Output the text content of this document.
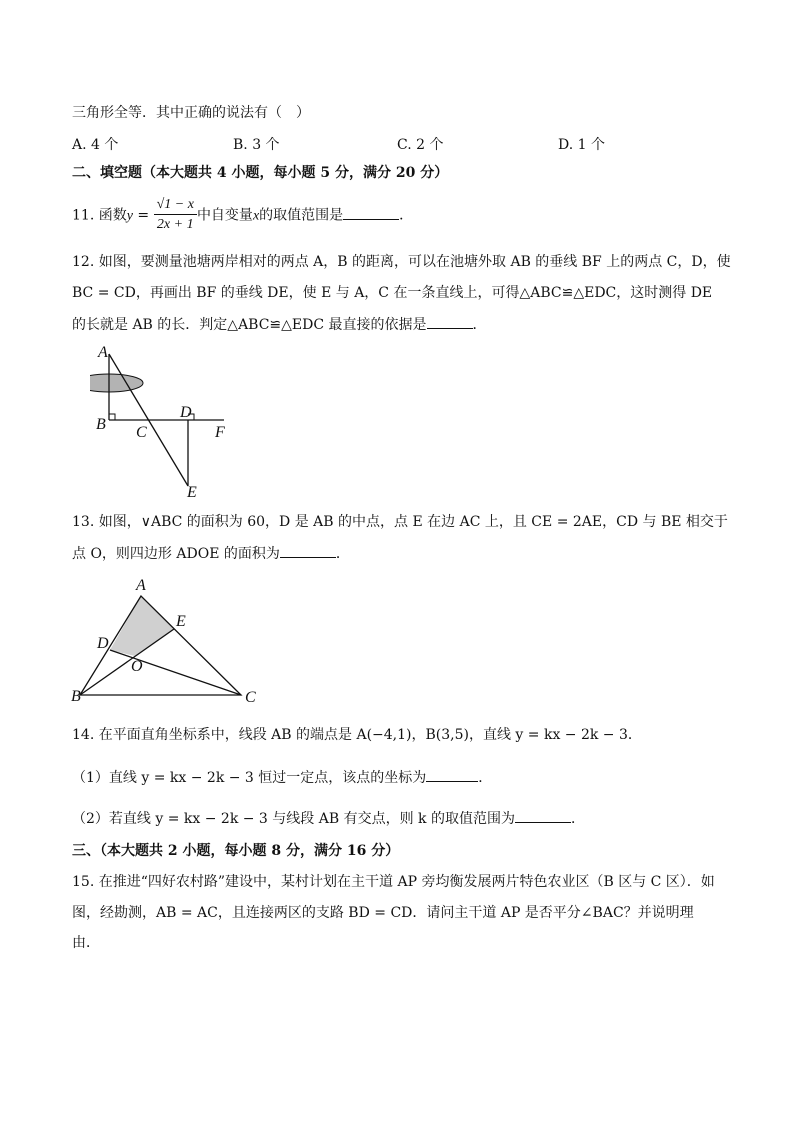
三角形全等．其中正确的说法有（　）
A. 4 个	B. 3 个	C. 2 个	D. 1 个
二、填空题（本大题共 4 小题，每小题 5 分，满分 20 分）
11. 函数$y = \frac{√1 - x}{2x + 1}$ 中自变量x的取值范围是	．
12. 如图，要测量池塘两岸相对的两点 A，B 的距离，可以在池塘外取 AB 的垂线 BF 上的两点 C，D，使
BC = CD，再画出 BF 的垂线 DE，使 E 与 A，C 在一条直线上，可得△ABC≌△EDC，这时测得 DE
的长就是 AB 的长．判定△ABC≌△EDC 最直接的依据是	．
A
B C
D
E
F
13. 如图，∨ABC 的面积为 60，D 是 AB 的中点，点 E 在边 AC 上，且 CE = 2AE，CD 与 BE 相交于
点 O，则四边形 ADOE 的面积为	．
A
B	C
D
E
O
14. 在平面直角坐标系中，线段 AB 的端点是 A(−4,1)，B(3,5)，直线 y = kx − 2k − 3．
（1）直线 y = kx − 2k − 3 恒过一定点，该点的坐标为	．
（2）若直线 y = kx − 2k − 3 与线段 AB 有交点，则 k 的取值范围为	．
三、（本大题共 2 小题，每小题 8 分，满分 16 分）
15. 在推进“四好农村路”建设中，某村计划在主干道 AP 旁均衡发展两片特色农业区（B 区与 C 区）．如
图，经勘测，AB = AC，且连接两区的支路 BD = CD．请问主干道 AP 是否平分∠BAC？并说明理
由．
